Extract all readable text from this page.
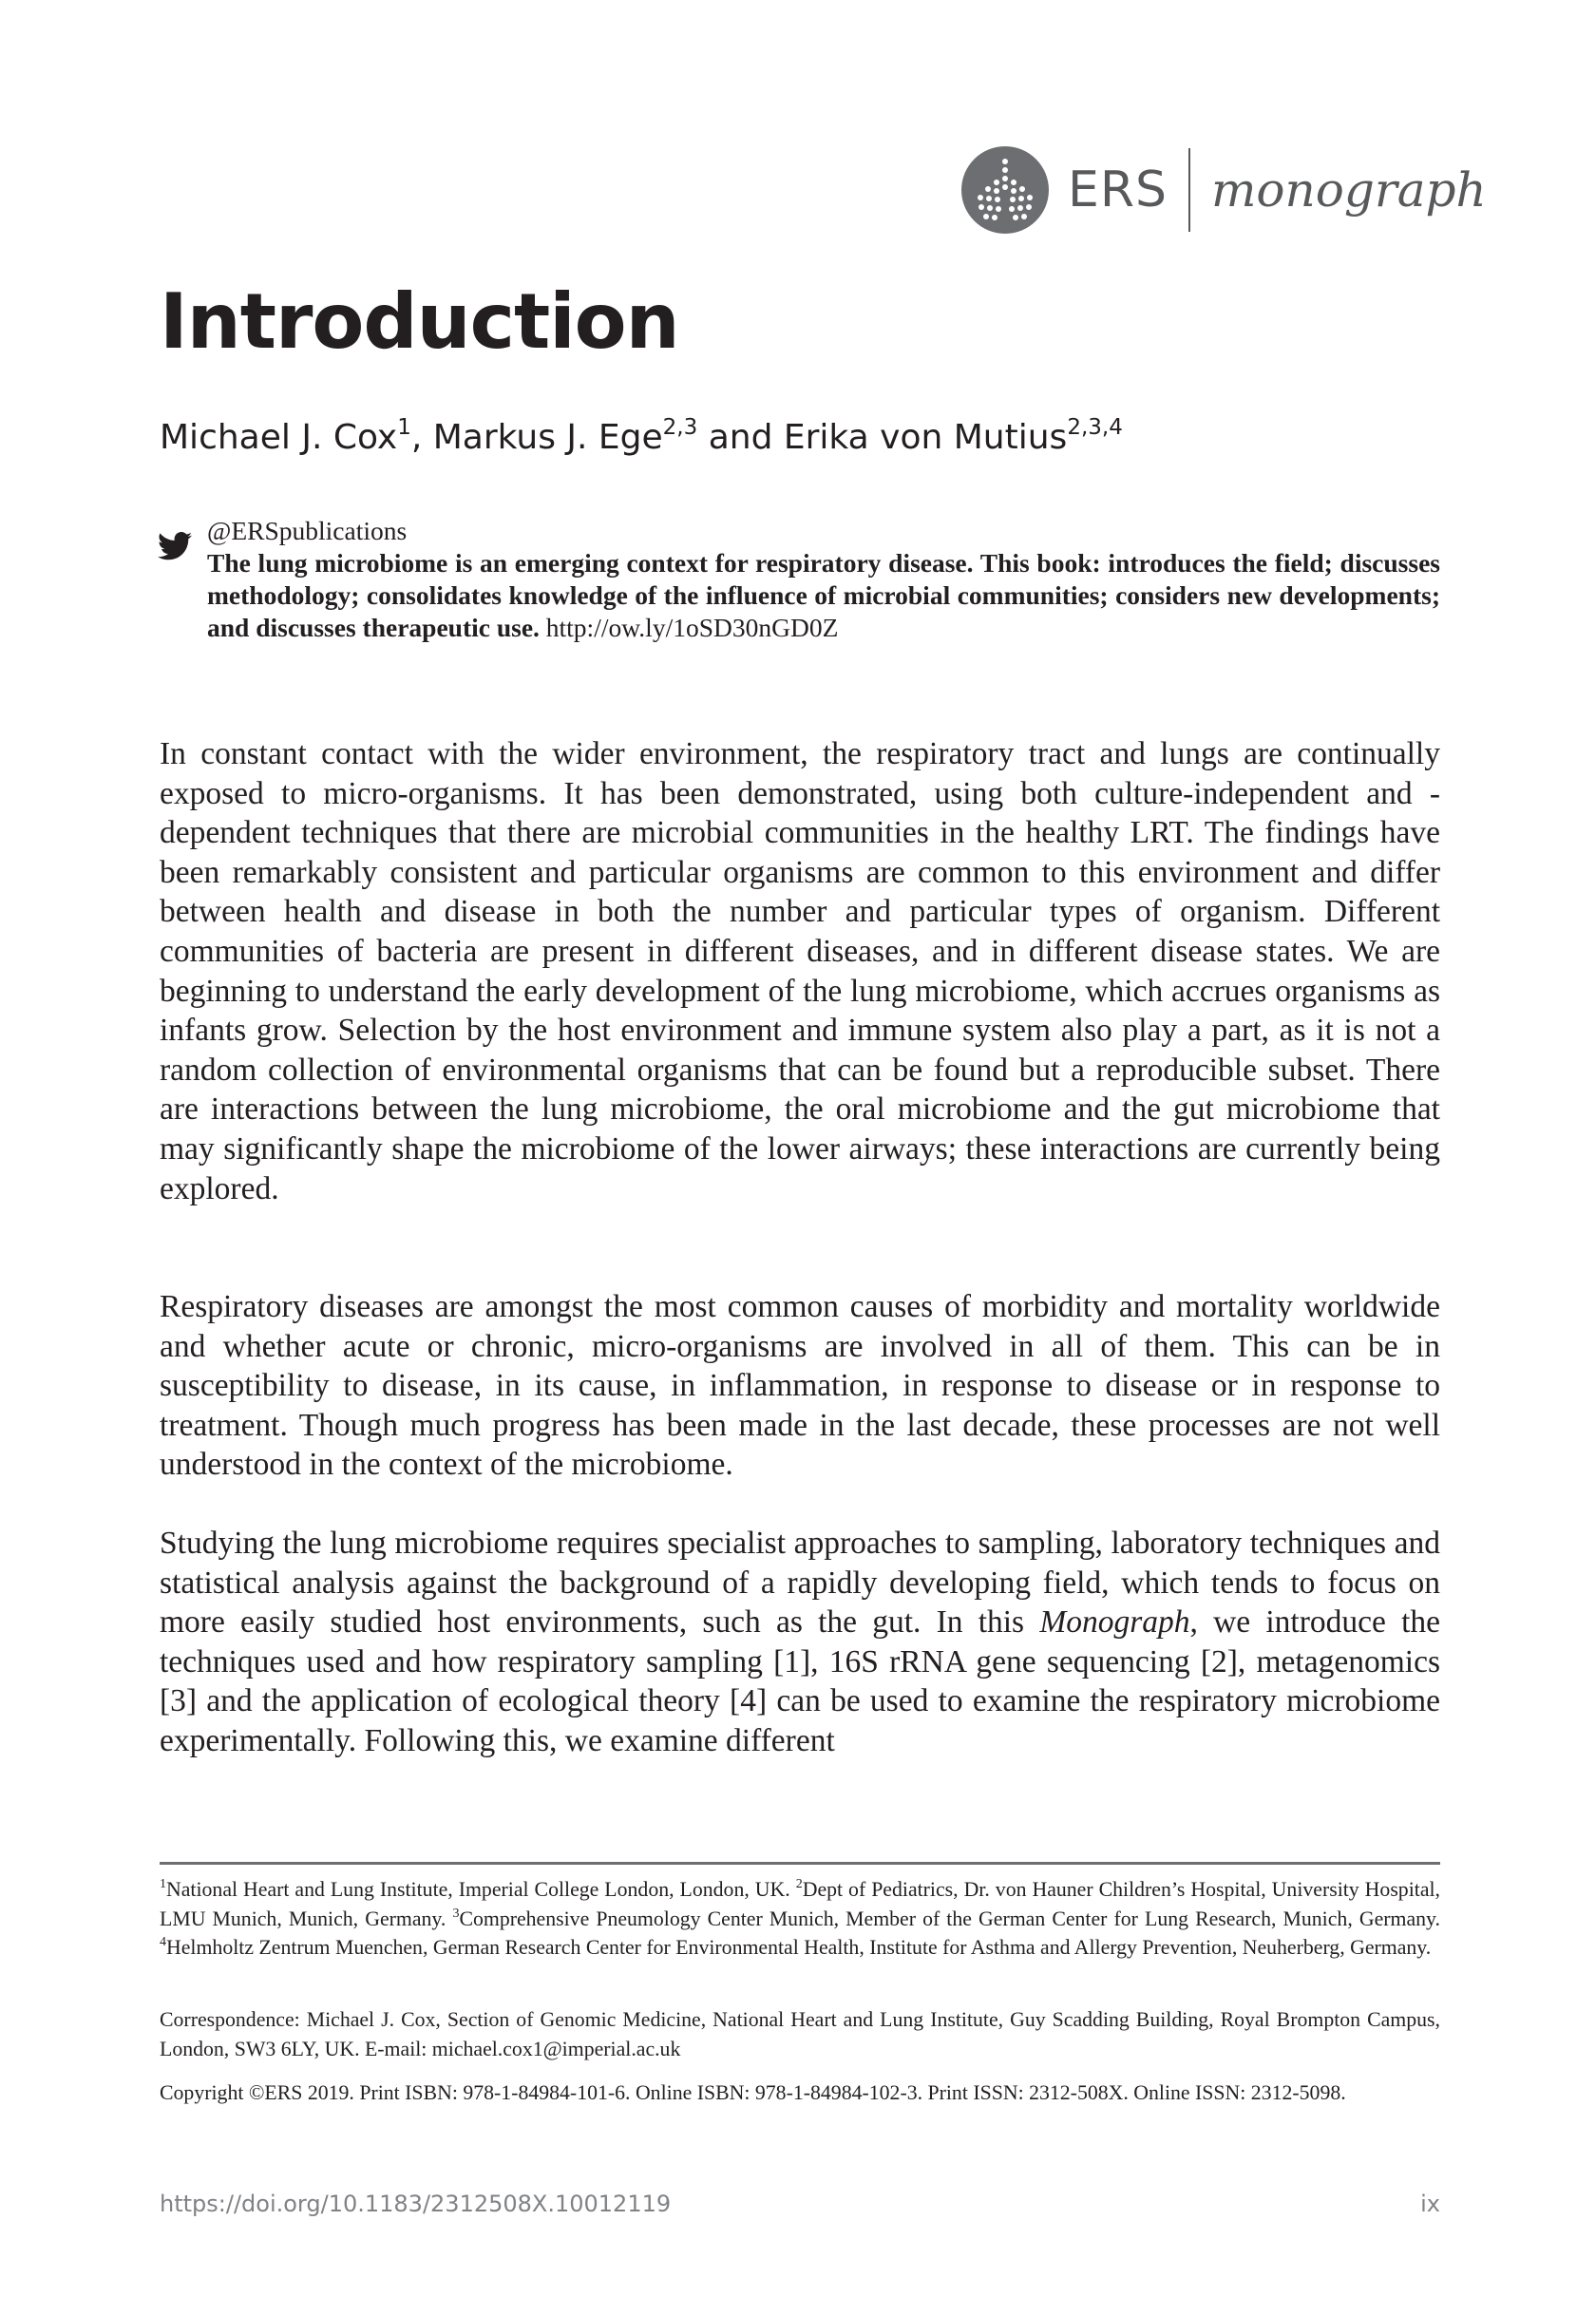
ERS monograph
Introduction
Michael J. Cox$^1$, Markus J. Ege$^{2,3}$ and Erika von Mutius$^{2,3,4}$
@ERSpublications
The lung microbiome is an emerging context for respiratory disease. This book: introduces the field; discusses methodology; consolidates knowledge of the influence of microbial communities; considers new developments; and discusses therapeutic use. http://ow.ly/1oSD30nGD0Z

In constant contact with the wider environment, the respiratory tract and lungs are continually exposed to micro-organisms. It has been demonstrated, using both culture-independent and -dependent techniques that there are microbial communities in the healthy LRT. The findings have been remarkably consistent and particular organisms are common to this environment and differ between health and disease in both the number and particular types of organism. Different communities of bacteria are present in different diseases, and in different disease states. We are beginning to understand the early development of the lung microbiome, which accrues organisms as infants grow. Selection by the host environment and immune system also play a part, as it is not a random collection of environmental organisms that can be found but a reproducible subset. There are interactions between the lung microbiome, the oral microbiome and the gut microbiome that may significantly shape the microbiome of the lower airways; these interactions are currently being explored.

Respiratory diseases are amongst the most common causes of morbidity and mortality worldwide and whether acute or chronic, micro-organisms are involved in all of them. This can be in susceptibility to disease, in its cause, in inflammation, in response to disease or in response to treatment. Though much progress has been made in the last decade, these processes are not well understood in the context of the microbiome.

Studying the lung microbiome requires specialist approaches to sampling, laboratory techniques and statistical analysis against the background of a rapidly developing field, which tends to focus on more easily studied host environments, such as the gut. In this Monograph, we introduce the techniques used and how respiratory sampling [1], 16S rRNA gene sequencing [2], metagenomics [3] and the application of ecological theory [4] can be used to examine the respiratory microbiome experimentally. Following this, we examine different

$^1$National Heart and Lung Institute, Imperial College London, London, UK. $^2$Dept of Pediatrics, Dr. von Hauner Children’s Hospital, University Hospital, LMU Munich, Munich, Germany. $^3$Comprehensive Pneumology Center Munich, Member of the German Center for Lung Research, Munich, Germany. $^4$Helmholtz Zentrum Muenchen, German Research Center for Environmental Health, Institute for Asthma and Allergy Prevention, Neuherberg, Germany.

Correspondence: Michael J. Cox, Section of Genomic Medicine, National Heart and Lung Institute, Guy Scadding Building, Royal Brompton Campus, London, SW3 6LY, UK. E-mail: michael.cox1@imperial.ac.uk

Copyright ©ERS 2019. Print ISBN: 978-1-84984-101-6. Online ISBN: 978-1-84984-102-3. Print ISSN: 2312-508X. Online ISSN: 2312-5098.

https://doi.org/10.1183/2312508X.10012119	ix
